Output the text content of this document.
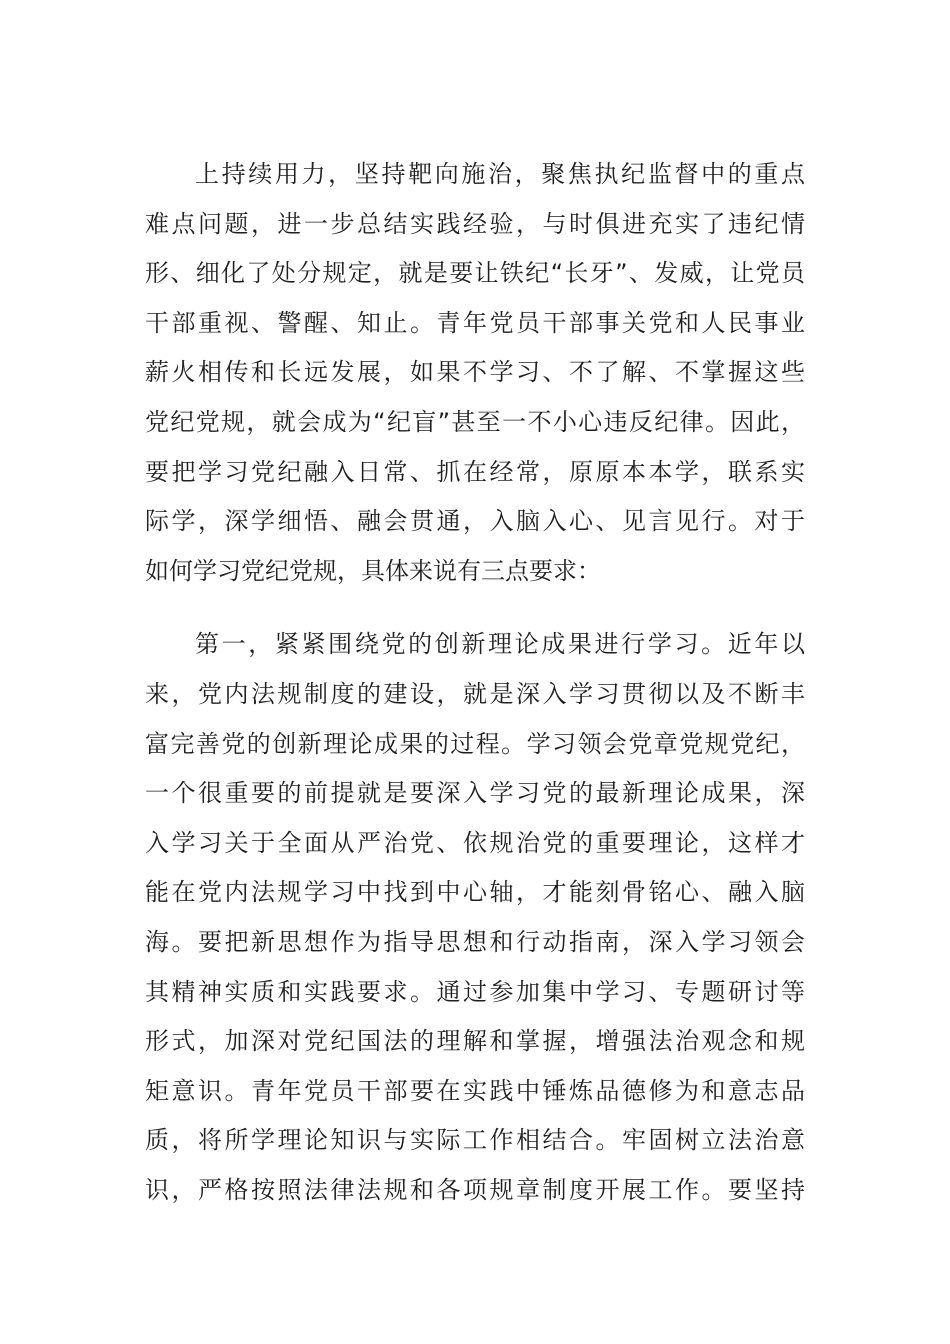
上持续用力，坚持靶向施治，聚焦执纪监督中的重点
难点问题，进一步总结实践经验，与时俱进充实了违纪情
形、细化了处分规定，就是要让铁纪“长牙”、发威，让党员
干部重视、警醒、知止。青年党员干部事关党和人民事业
薪火相传和长远发展，如果不学习、不了解、不掌握这些
党纪党规，就会成为“纪盲”甚至一不小心违反纪律。因此，
要把学习党纪融入日常、抓在经常，原原本本学，联系实
际学，深学细悟、融会贯通，入脑入心、见言见行。对于
如何学习党纪党规，具体来说有三点要求：
第一，紧紧围绕党的创新理论成果进行学习。近年以
来，党内法规制度的建设，就是深入学习贯彻以及不断丰
富完善党的创新理论成果的过程。学习领会党章党规党纪，
一个很重要的前提就是要深入学习党的最新理论成果，深
入学习关于全面从严治党、依规治党的重要理论，这样才
能在党内法规学习中找到中心轴，才能刻骨铭心、融入脑
海。要把新思想作为指导思想和行动指南，深入学习领会
其精神实质和实践要求。通过参加集中学习、专题研讨等
形式，加深对党纪国法的理解和掌握，增强法治观念和规
矩意识。青年党员干部要在实践中锤炼品德修为和意志品
质，将所学理论知识与实际工作相结合。牢固树立法治意
识，严格按照法律法规和各项规章制度开展工作。要坚持
